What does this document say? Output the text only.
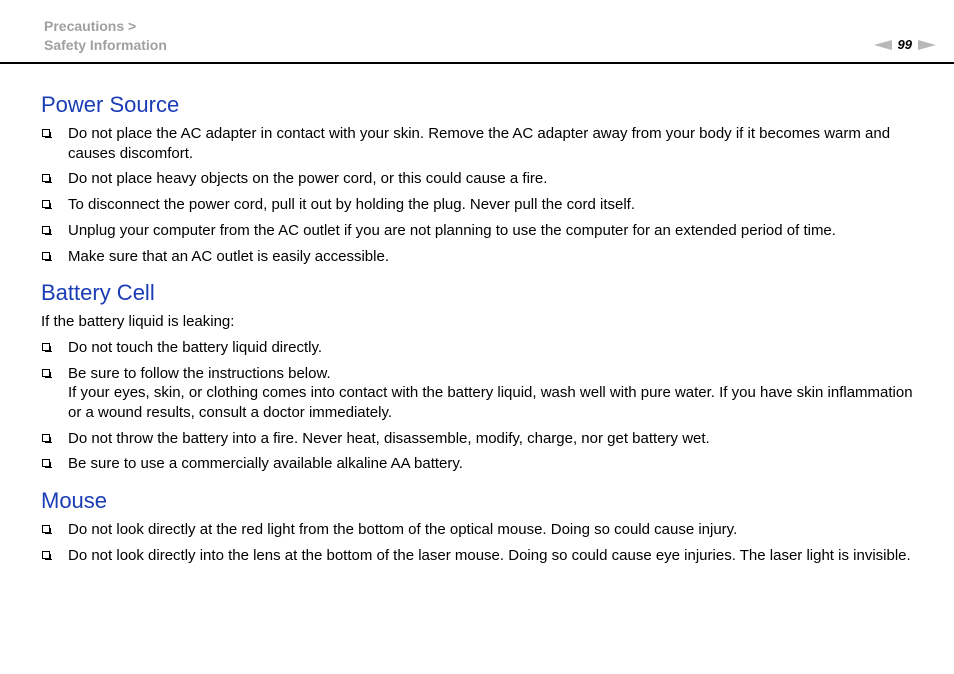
Precautions >
Safety Information	99
Power Source
Do not place the AC adapter in contact with your skin. Remove the AC adapter away from your body if it becomes warm and causes discomfort.
Do not place heavy objects on the power cord, or this could cause a fire.
To disconnect the power cord, pull it out by holding the plug. Never pull the cord itself.
Unplug your computer from the AC outlet if you are not planning to use the computer for an extended period of time.
Make sure that an AC outlet is easily accessible.
Battery Cell

If the battery liquid is leaking:

Do not touch the battery liquid directly.
Be sure to follow the instructions below.
If your eyes, skin, or clothing comes into contact with the battery liquid, wash well with pure water. If you have skin inflammation or a wound results, consult a doctor immediately.
Do not throw the battery into a fire. Never heat, disassemble, modify, charge, nor get battery wet.
Be sure to use a commercially available alkaline AA battery.
Mouse
Do not look directly at the red light from the bottom of the optical mouse. Doing so could cause injury.
Do not look directly into the lens at the bottom of the laser mouse. Doing so could cause eye injuries. The laser light is invisible.
